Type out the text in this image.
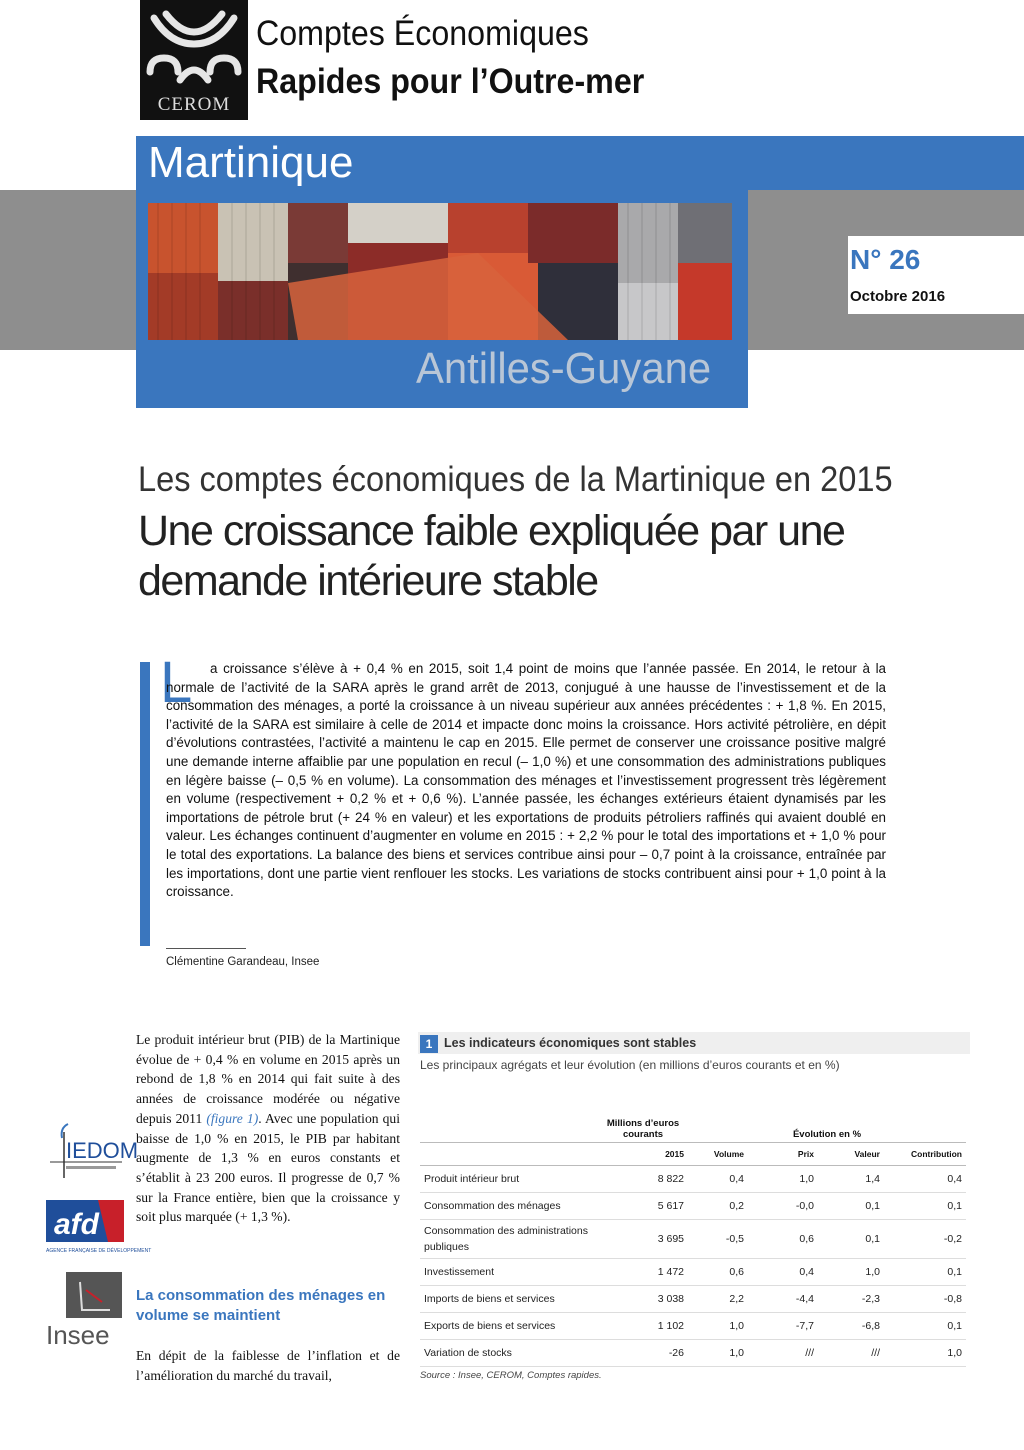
CEROM
Comptes Économiques
Rapides pour l’Outre-mer
Martinique
Antilles-Guyane
N° 26
Octobre 2016
Les comptes économiques de la Martinique en 2015
Une croissance faible expliquée par une demande intérieure stable
L	a croissance s’élève à + 0,4 % en 2015, soit 1,4 point de moins que l’année passée. En 2014, le retour à la normale de l’activité de la SARA après le grand arrêt de 2013, conjugué à une hausse de l’investissement et de la consommation des ménages, a porté la croissance à un niveau supérieur aux années précédentes : + 1,8 %. En 2015, l’activité de la SARA est similaire à celle de 2014 et impacte donc moins la croissance. Hors activité pétrolière, en dépit d’évolutions contrastées, l’activité a maintenu le cap en 2015. Elle permet de conserver une croissance positive malgré une demande interne affaiblie par une population en recul (– 1,0 %) et une consommation des administrations publiques en légère baisse (– 0,5 % en volume). La consommation des ménages et l’investissement progressent très légèrement en volume (respectivement + 0,2 % et + 0,6 %). L’année passée, les échanges extérieurs étaient dynamisés par les importations de pétrole brut (+ 24 % en valeur) et les exportations de produits pétroliers raffinés qui avaient doublé en valeur. Les échanges continuent d’augmenter en volume en 2015 : + 2,2 % pour le total des importations et + 1,0 % pour le total des exportations. La balance des biens et services contribue ainsi pour – 0,7 point à la croissance, entraînée par les importations, dont une partie vient renflouer les stocks. Les variations de stocks contribuent ainsi pour + 1,0 point à la croissance.
Clémentine Garandeau, Insee
Le produit intérieur brut (PIB) de la Martinique évolue de + 0,4 % en volume en 2015 après un rebond de 1,8 % en 2014 qui fait suite à des années de croissance modérée ou négative depuis 2011 (figure 1). Avec une population qui baisse de 1,0 % en 2015, le PIB par habitant augmente de 1,3 % en euros constants et s’établit à 23 200 euros. Il progresse de 0,7 % sur la France entière, bien que la croissance y soit plus marquée (+ 1,3 %).
La consommation des ménages en volume se maintient
En dépit de la faiblesse de l’inflation et de l’amélioration du marché du travail,
IEDOM
afd
AGENCE FRANÇAISE DE DÉVELOPPEMENT
Insee
1 Les indicateurs économiques sont stables
Les principaux agrégats et leur évolution (en millions d’euros courants et en %)
	Millions d’euros courants	Évolution en %			
	2015	Volume	Prix	Valeur	Contribution
Produit intérieur brut	8 822	0,4	1,0	1,4	0,4
Consommation des ménages	5 617	0,2	-0,0	0,1	0,1
Consommation des administrations publiques	3 695	-0,5	0,6	0,1	-0,2
Investissement	1 472	0,6	0,4	1,0	0,1
Imports de biens et services	3 038	2,2	-4,4	-2,3	-0,8
Exports de biens et services	1 102	1,0	-7,7	-6,8	0,1
Variation de stocks	-26	1,0	///	///	1,0
Source : Insee, CEROM, Comptes rapides.
